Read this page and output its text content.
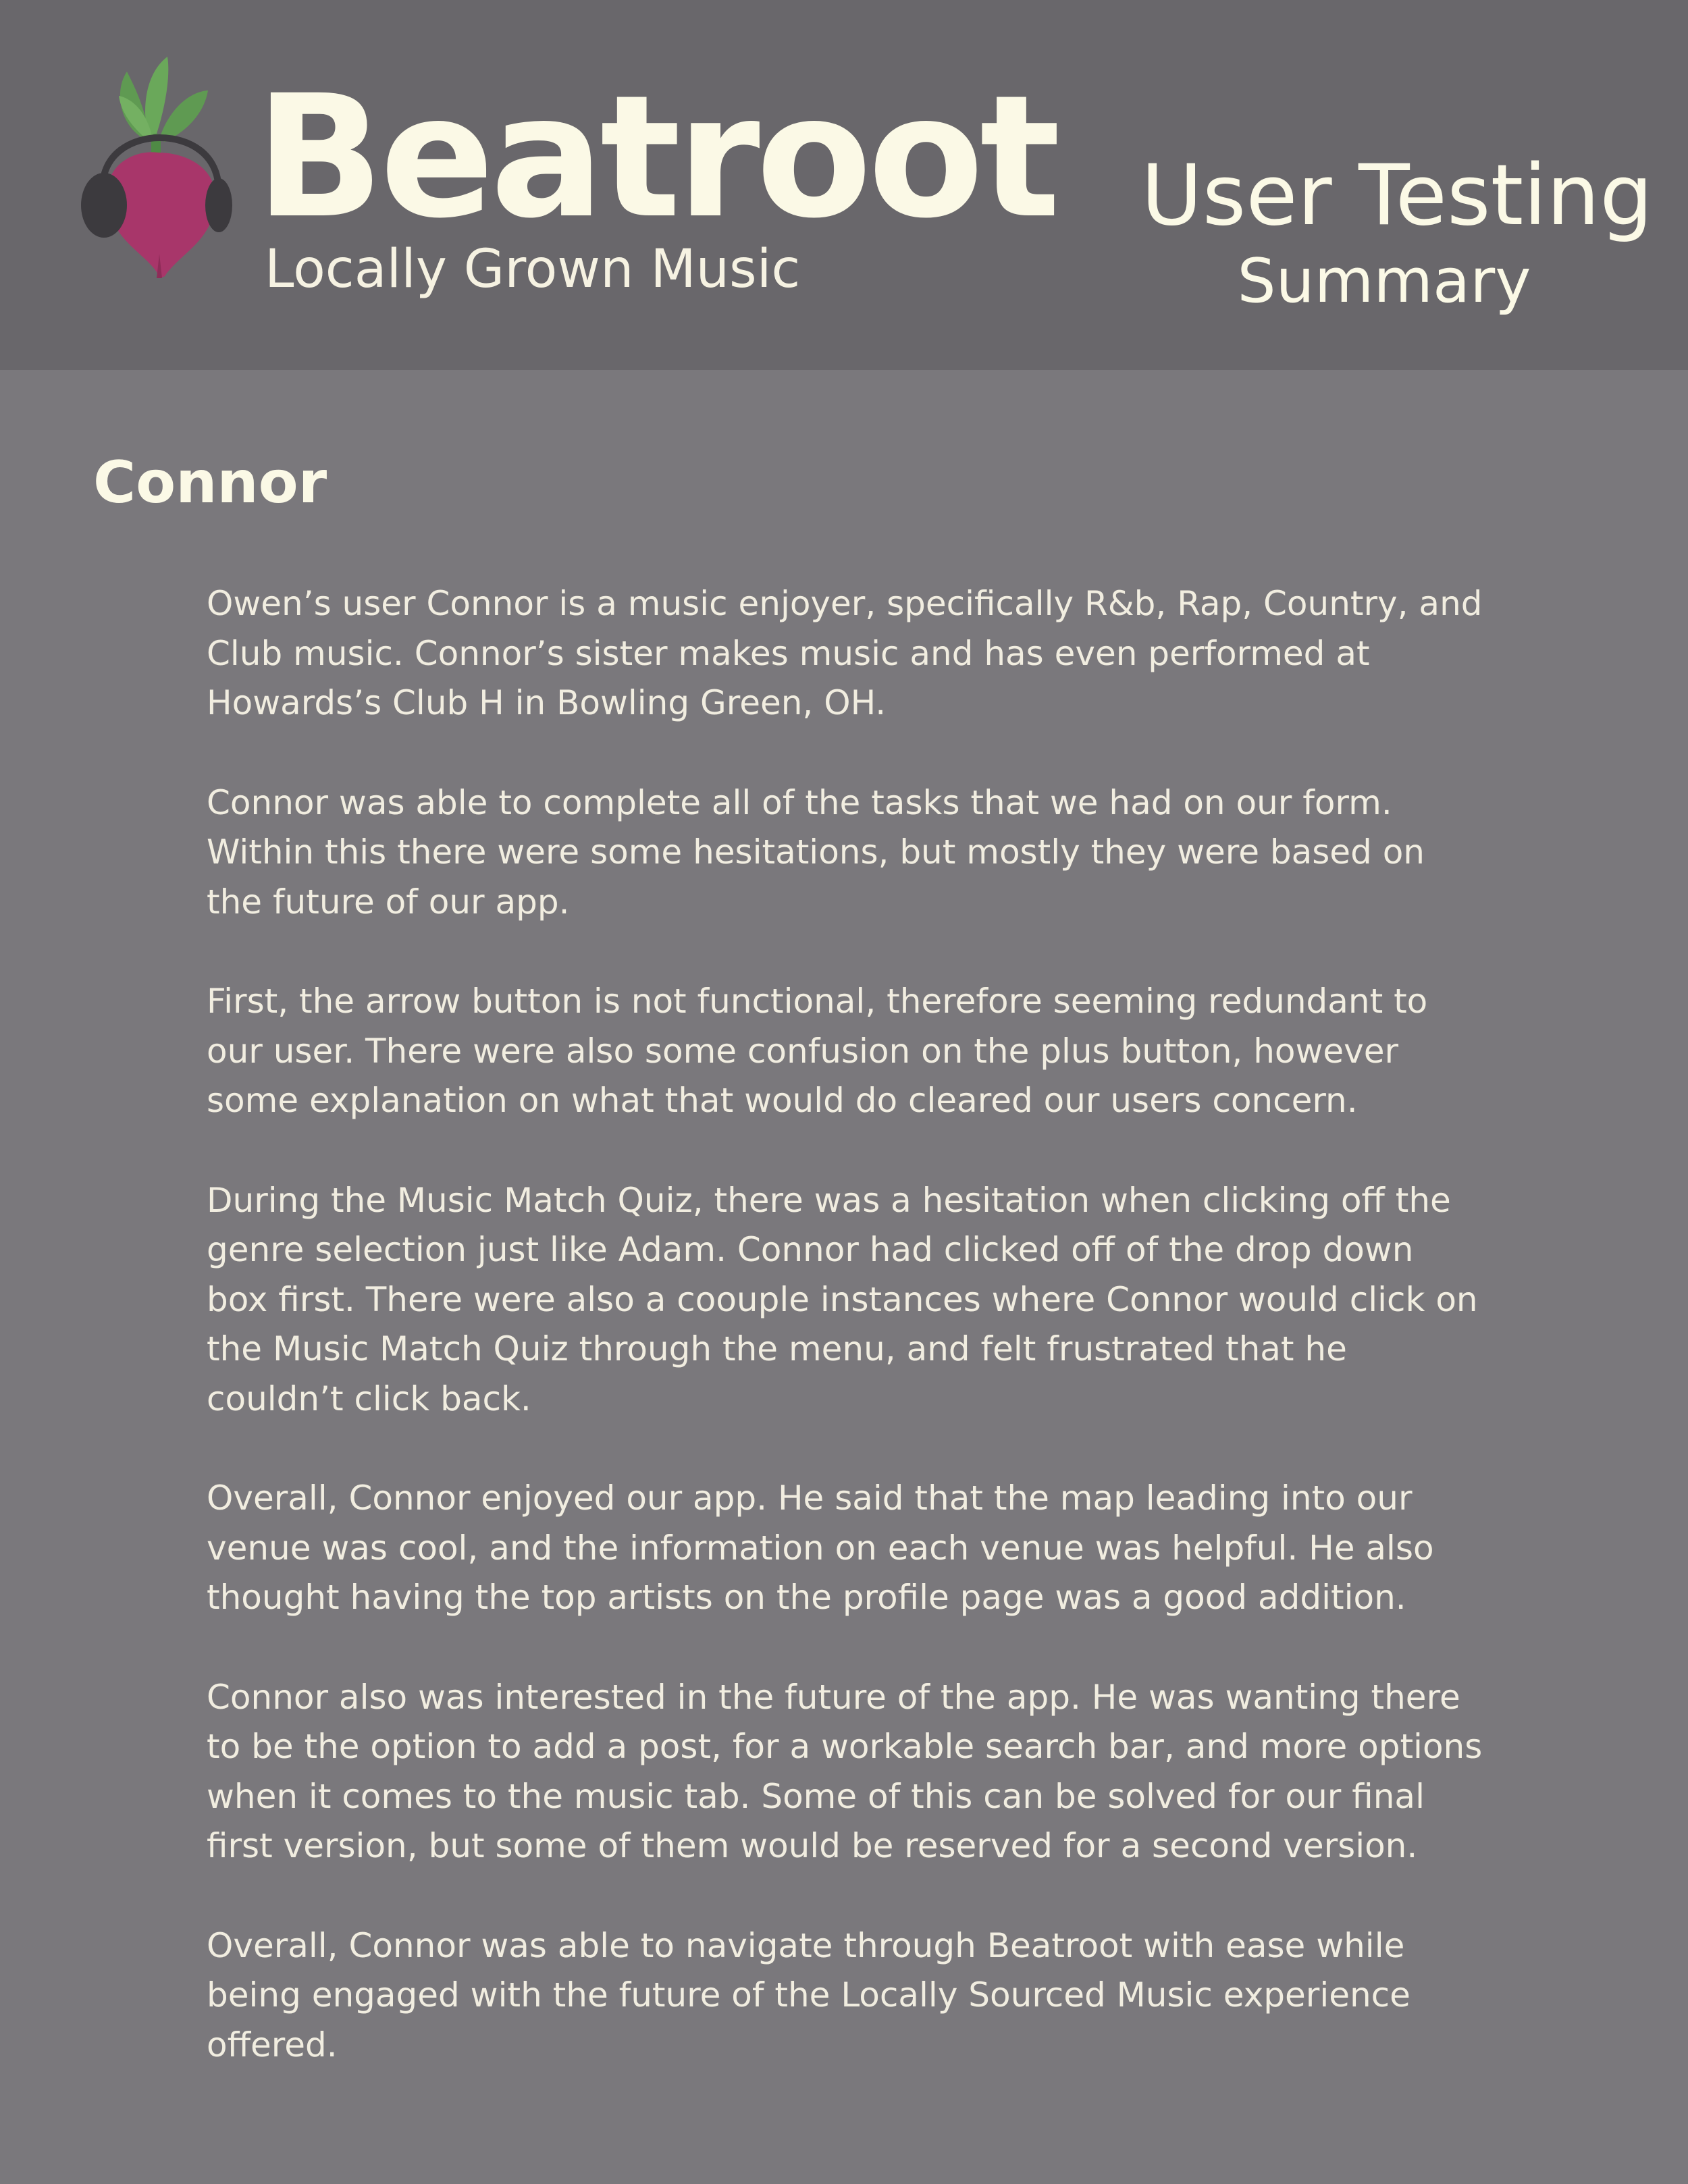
Beatroot
Locally Grown Music
User Testing
Summary
Connor

Owen’s user Connor is a music enjoyer, specifically R&b, Rap, Country, and Club music. Connor’s sister makes music and has even performed at Howards’s Club H in Bowling Green, OH.

Connor was able to complete all of the tasks that we had on our form. Within this there were some hesitations, but mostly they were based on the future of our app.

First, the arrow button is not functional, therefore seeming redundant to our user. There were also some confusion on the plus button, however some explanation on what that would do cleared our users concern.

During the Music Match Quiz, there was a hesitation when clicking off the genre selection just like Adam. Connor had clicked off of the drop down box first. There were also a coouple instances where Connor would click on the Music Match Quiz through the menu, and felt frustrated that he couldn’t click back.

Overall, Connor enjoyed our app. He said that the map leading into our venue was cool, and the information on each venue was helpful. He also thought having the top artists on the profile page was a good addition.

Connor also was interested in the future of the app. He was wanting there to be the option to add a post, for a workable search bar, and more options when it comes to the music tab. Some of this can be solved for our final first version, but some of them would be reserved for a second version.

Overall, Connor was able to navigate through Beatroot with ease while being engaged with the future of the Locally Sourced Music experience offered.
